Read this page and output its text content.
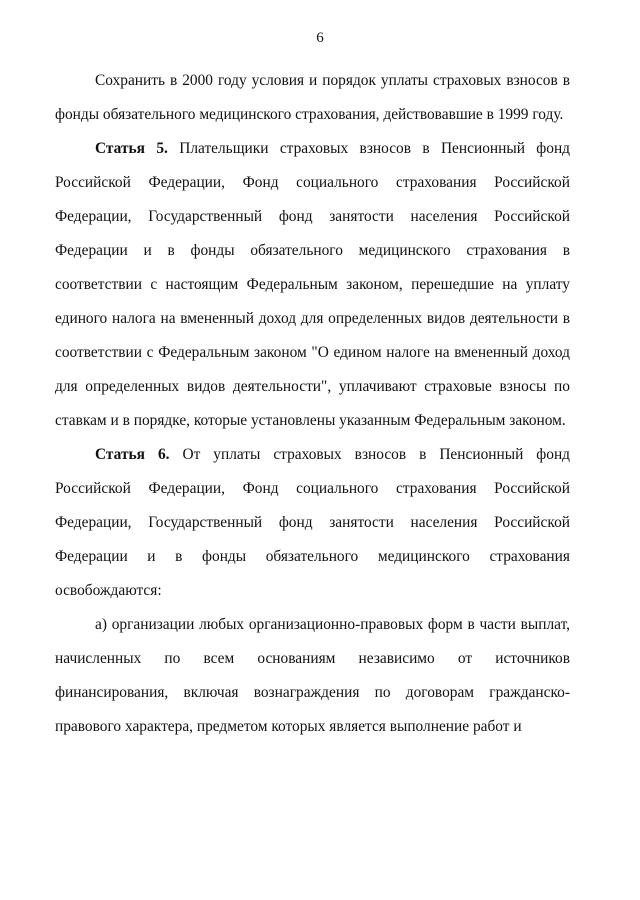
6

Сохранить в 2000 году условия и порядок уплаты страховых взносов в фонды обязательного медицинского страхования, действовавшие в 1999 году.

Статья 5. Плательщики страховых взносов в Пенсионный фонд Российской Федерации, Фонд социального страхования Российской Федерации, Государственный фонд занятости населения Российской Федерации и в фонды обязательного медицинского страхования в соответствии с настоящим Федеральным законом, перешедшие на уплату единого налога на вмененный доход для определенных видов деятельности в соответствии с Федеральным законом "О едином налоге на вмененный доход для определенных видов деятельности", уплачивают страховые взносы по ставкам и в порядке, которые установлены указанным Федеральным законом.

Статья 6. От уплаты страховых взносов в Пенсионный фонд Российской Федерации, Фонд социального страхования Российской Федерации, Государственный фонд занятости населения Российской Федерации и в фонды обязательного медицинского страхования освобождаются:

а) организации любых организационно-правовых форм в части выплат, начисленных по всем основаниям независимо от источников финансирования, включая вознаграждения по договорам гражданско-правового характера, предметом которых является выполнение работ и
